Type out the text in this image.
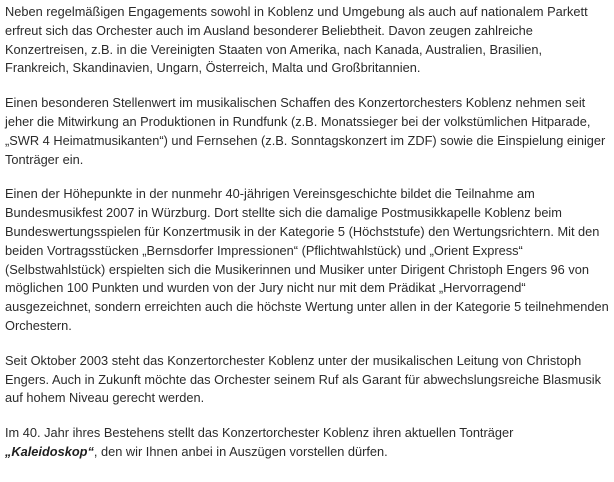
Neben regelmäßigen Engagements sowohl in Koblenz und Umgebung als auch auf nationalem Parkett erfreut sich das Orchester auch im Ausland besonderer Beliebtheit. Davon zeugen zahlreiche Konzertreisen, z.B. in die Vereinigten Staaten von Amerika, nach Kanada, Australien, Brasilien, Frankreich, Skandinavien, Ungarn, Österreich, Malta und Großbritannien.

Einen besonderen Stellenwert im musikalischen Schaffen des Konzertorchesters Koblenz nehmen seit jeher die Mitwirkung an Produktionen in Rundfunk (z.B. Monatssieger bei der volkstümlichen Hitparade, „SWR 4 Heimatmusikanten“) und Fernsehen (z.B. Sonntagskonzert im ZDF) sowie die Einspielung einiger Tonträger ein.

Einen der Höhepunkte in der nunmehr 40-jährigen Vereinsgeschichte bildet die Teilnahme am Bundesmusikfest 2007 in Würzburg. Dort stellte sich die damalige Postmusikkapelle Koblenz beim Bundeswertungsspielen für Konzertmusik in der Kategorie 5 (Höchststufe) den Wertungsrichtern. Mit den beiden Vortragsstücken „Bernsdorfer Impressionen“ (Pflichtwahlstück) und „Orient Express“ (Selbstwahlstück) erspielten sich die Musikerinnen und Musiker unter Dirigent Christoph Engers 96 von möglichen 100 Punkten und wurden von der Jury nicht nur mit dem Prädikat „Hervorragend“ ausgezeichnet, sondern erreichten auch die höchste Wertung unter allen in der Kategorie 5 teilnehmenden Orchestern.

Seit Oktober 2003 steht das Konzertorchester Koblenz unter der musikalischen Leitung von Christoph Engers. Auch in Zukunft möchte das Orchester seinem Ruf als Garant für abwechslungsreiche Blasmusik auf hohem Niveau gerecht werden.

Im 40. Jahr ihres Bestehens stellt das Konzertorchester Koblenz ihren aktuellen Tonträger „Kaleidoskop“, den wir Ihnen anbei in Auszügen vorstellen dürfen.
